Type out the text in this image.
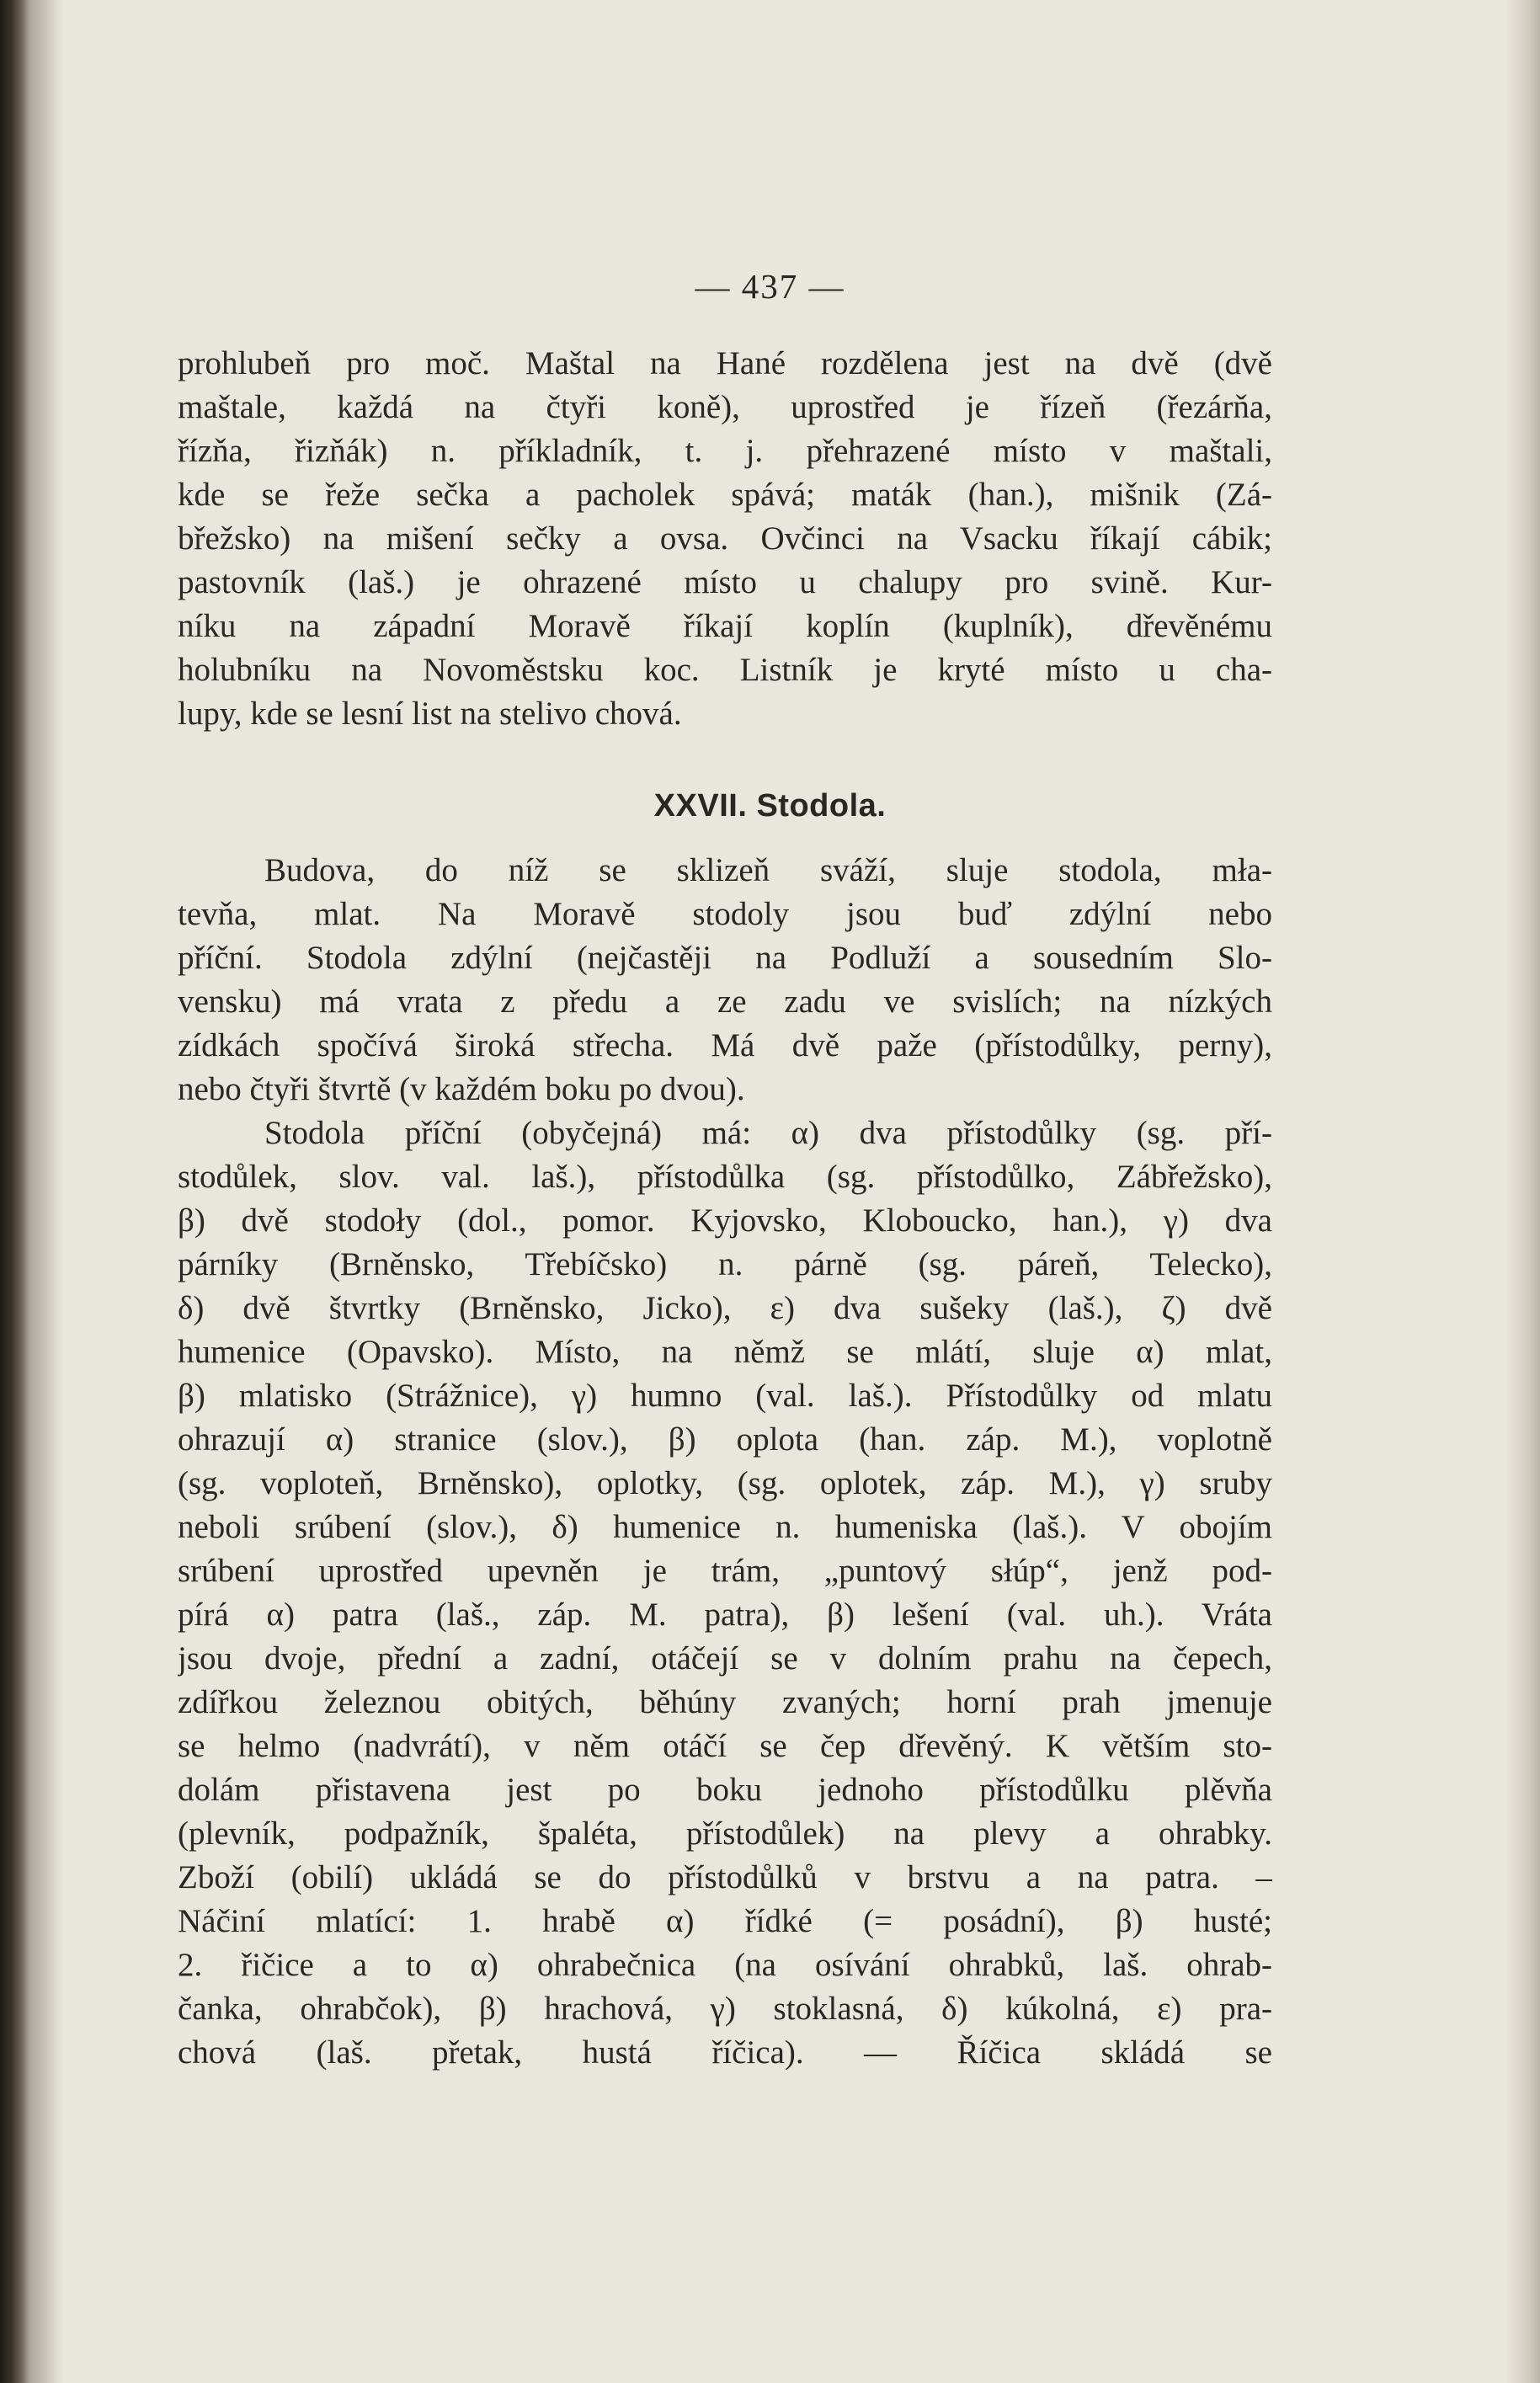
— 437 —
prohlubeň pro moč. Maštal na Hané rozdělena jest na dvě (dvě
maštale, každá na čtyři koně), uprostřed je řízeň (řezárňa,
řízňa, řizňák) n. příkladník, t. j. přehrazené místo v maštali,
kde se řeže sečka a pacholek spává; maták (han.), mišnik (Zá-
břežsko) na mišení sečky a ovsa. Ovčinci na Vsacku říkají cábik;
pastovník (laš.) je ohrazené místo u chalupy pro svině. Kur-
níku na západní Moravě říkají koplín (kuplník), dřevěnému
holubníku na Novoměstsku koc. Listník je kryté místo u cha-
lupy, kde se lesní list na stelivo chová.
XXVII. Stodola.
Budova, do níž se sklizeň sváží, sluje stodola, mła-
tevňa, mlat. Na Moravě stodoly jsou buď zdýlní nebo
příční. Stodola zdýlní (nejčastěji na Podluží a sousedním Slo-
vensku) má vrata z předu a ze zadu ve svislích; na nízkých
zídkách spočívá široká střecha. Má dvě paže (přístodůlky, perny),
nebo čtyři štvrtě (v každém boku po dvou).
Stodola příční (obyčejná) má: α) dva přístodůlky (sg. pří-
stodůlek, slov. val. laš.), přístodůlka (sg. přístodůlko, Zábřežsko),
β) dvě stodoły (dol., pomor. Kyjovsko, Kloboucko, han.), γ) dva
párníky (Brněnsko, Třebíčsko) n. párně (sg. páreň, Telecko),
δ) dvě štvrtky (Brněnsko, Jicko), ε) dva sušeky (laš.), ζ) dvě
humenice (Opavsko). Místo, na němž se mlátí, sluje α) mlat,
β) mlatisko (Strážnice), γ) humno (val. laš.). Přístodůlky od mlatu
ohrazují α) stranice (slov.), β) oplota (han. záp. M.), voplotně
(sg. voploteň, Brněnsko), oplotky, (sg. oplotek, záp. M.), γ) sruby
neboli srúbení (slov.), δ) humenice n. humeniska (laš.). V obojím
srúbení uprostřed upevněn je trám, „puntový słúp“, jenž pod-
pírá α) patra (laš., záp. M. patra), β) lešení (val. uh.). Vráta
jsou dvoje, přední a zadní, otáčejí se v dolním prahu na čepech,
zdířkou železnou obitých, běhúny zvaných; horní prah jmenuje
se helmo (nadvrátí), v něm otáčí se čep dřevěný. K větším sto-
dolám přistavena jest po boku jednoho přístodůlku plěvňa
(plevník, podpažník, špaléta, přístodůlek) na plevy a ohrabky.
Zboží (obilí) ukládá se do přístodůlků v brstvu a na patra. –
Náčiní mlatící: 1. hrabě α) řídké (= posádní), β) husté;
2. řičice a to α) ohrabečnica (na osívání ohrabků, laš. ohrab-
čanka, ohrabčok), β) hrachová, γ) stoklasná, δ) kúkolná, ε) pra-
chová (laš. přetak, hustá říčica). — Říčica skládá se
